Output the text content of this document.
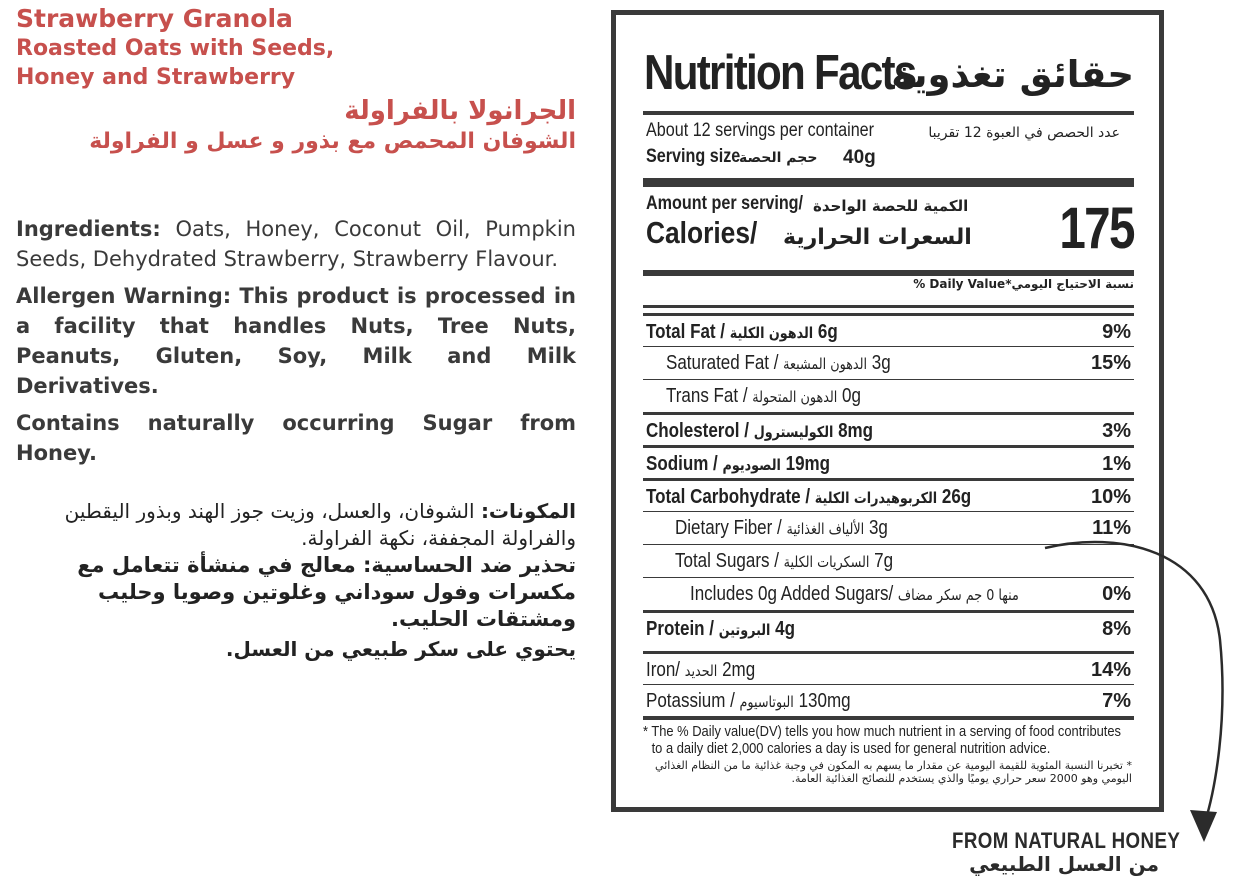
Strawberry Granola
Roasted Oats with Seeds,
Honey and Strawberry
الجرانولا بالفراولة
الشوفان المحمص مع بذور و عسل و الفراولة
Ingredients: Oats, Honey, Coconut Oil, Pumpkin Seeds, Dehydrated Strawberry, Strawberry Flavour.
Allergen Warning: This product is processed in a facility that handles Nuts, Tree Nuts, Peanuts, Gluten, Soy, Milk and Milk Derivatives.
Contains naturally occurring Sugar from Honey.
المكونات: الشوفان، والعسل، وزيت جوز الهند وبذور اليقطين والفراولة المجففة، نكهة الفراولة.
تحذير ضد الحساسية: معالج في منشأة تتعامل مع مكسرات وفول سوداني وغلوتين وصويا وحليب ومشتقات الحليب.
يحتوي على سكر طبيعي من العسل.
Nutrition Facts
حقائق تغذوية
About 12 servings per container	عدد الحصص في العبوة 12 تقريبا
Serving size
حجم الحصة 40g
Amount per serving/ الكمية للحصة الواحدة
Calories/ السعرات الحرارية 175
نسبة الاحتياج اليومي*Daily Value %
Total Fat / الدهون الكلية 6g	9%
Saturated Fat / الدهون المشبعة 3g	15%
Trans Fat / الدهون المتحولة 0g
Cholesterol / الكوليسترول 8mg	3%
Sodium / الصوديوم 19mg	1%
Total Carbohydrate / الكربوهيدرات الكلية 26g	10%
Dietary Fiber / الألياف الغذائية 3g	11%
Total Sugars / السكريات الكلية 7g
Includes 0g Added Sugars/ منها 0 جم سكر مضاف	0%
Protein / البروتين 4g	8%
Iron/ الحديد 2mg	14%
Potassium / البوتاسيوم 130mg	7%
* The % Daily value(DV) tells you how much nutrient in a serving of food contributes
to a daily diet 2,000 calories a day is used for general nutrition advice.
* تخبرنا النسبة المئوية للقيمة اليومية عن مقدار ما يسهم به المكون في وجبة غذائية ما من النظام الغذائي اليومي وهو 2000 سعر حراري يوميًا والذي يستخدم للنصائح الغذائية العامة.
FROM NATURAL HONEY
من العسل الطبيعي
